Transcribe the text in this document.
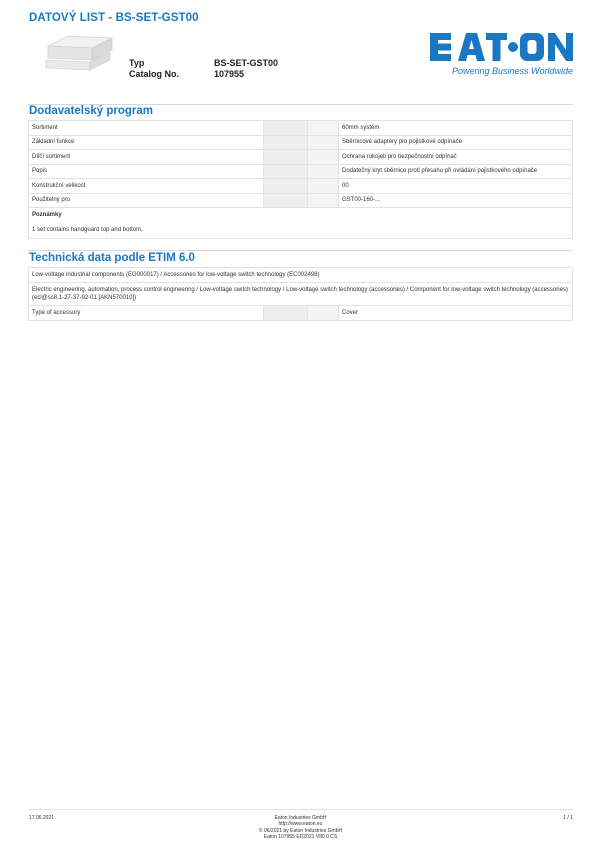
DATOVÝ LIST - BS-SET-GST00
Typ	BS-SET-GST00
Catalog No.	107955	Powering Business Worldwide
Dodavatelský program
Sortiment			60mm systém
Základní funkce			Sběrnicové adaptéry pro pojistkové odpínače
Dílčí sortiment			Ochrana rukojeti pro bezpečnostní odpínač
Popis			Dodatečný kryt sběrnice proti přesahu při ovládání pojistkového odpínače
Konstrukční velikost			00
Použitelný pro			GST00-160-...
Poznámky			
1 set contains handguard top and bottom.			
Technická data podle ETIM 6.0
Low-voltage industrial components (EG000017) / Accessories for low-voltage switch technology (EC002498)
Electric engineering, automation, process control engineering / Low-voltage switch technology / Low-voltage switch technology (accessories) / Component for low-voltage switch technology (accessories) (ecl@ss8.1-27-37-92-01 [AKN570010])
Type of accessory			Cover
17.06.2021	Eaton Industries GmbH
http://www.eaton.eu
© 06/2021 by Eaton Industries GmbH
Eaton 107955 ED2021 V80.0 CS
1 / 1
